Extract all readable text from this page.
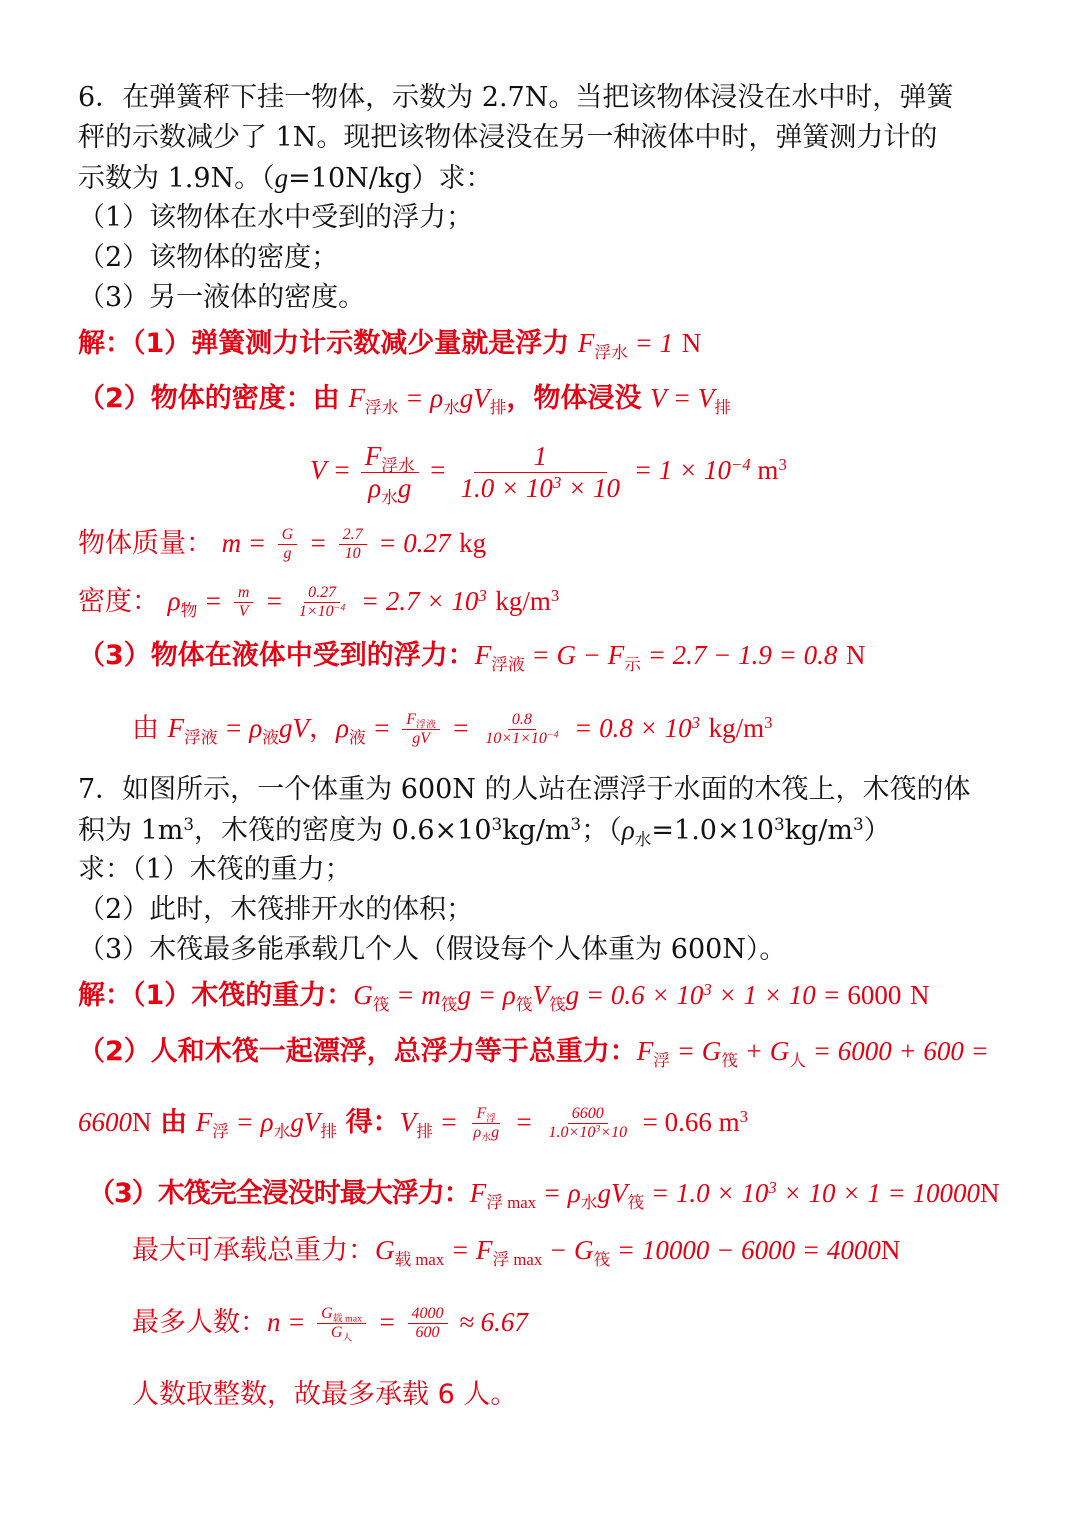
6．在弹簧秤下挂一物体，示数为 2.7N。当把该物体浸没在水中时，弹簧
秤的示数减少了 1N。现把该物体浸没在另一种液体中时，弹簧测力计的
示数为 1.9N。（g=10N/kg）求：
（1）该物体在水中受到的浮力；
（2）该物体的密度；
（3）另一液体的密度。
解：（1）弹簧测力计示数减少量就是浮力 $F_{浮水} = 1$ N
（2）物体的密度：由 $F_{浮水} = \rho_水gV_排$，物体浸没 $V = V_排$
$V = \frac{F_{浮水}}{\rho_水g} = \frac{1}{1.0 \times 10^3 \times 10} = 1 \times 10^{-4}$ $m^3$
物体质量： $m = \frac{G}{g} = \frac{2.7}{10} = 0.27$ kg
密度： $\rho_物 = \frac{m}{V} = \frac{0.27}{1\times 10^{-4}} = 2.7 \times 10^3$ $kg/m^3$
（3）物体在液体中受到的浮力：$F_{浮液} = G - F_示 = 2.7 - 1.9 = 0.8$ N
由 $F_{浮液} = \rho_液gV$，$\rho_液 = \frac{F_{浮液}}{gV} = \frac{0.8}{10\times 1\times 10^{-4}} = 0.8 \times 10^3$ $kg/m^3$
7．如图所示，一个体重为 600N 的人站在漂浮于水面的木筏上，木筏的体
积为 $1m^3$，木筏的密度为 $0.6\times 10^3kg/m^3$；$(\rho_水=1.0\times 10^3kg/m^3)$
求：（1）木筏的重力；
（2）此时，木筏排开水的体积；
（3）木筏最多能承载几个人（假设每个人体重为 600N）。
解：（1）木筏的重力：$G_筏 = m_筏g = \rho_筏V_筏g = 0.6 \times 10^3 \times 1 \times 10 = 6000$ N
（2）人和木筏一起漂浮，总浮力等于总重力：$F_浮 = G_筏 + G_人 = 6000 + 600$ =
6600N 由 $F_浮 = \rho_水gV_排$ 得：$V_排 = \frac{F_浮}{\rho_水g} = \frac{6600}{1.0\times 10^3\times 10} = 0.66$ $m^3$
（3）木筏完全浸没时最大浮力：$F_{浮 max} = \rho_水gV_筏 = 1.0 \times 10^3 \times 10 \times 1 = 10000N$
最大可承载总重力：$G_{载 max} = F_{浮 max} - G_筏 = 10000 - 6000 = 4000N$
最多人数：$n = \frac{G_{载 max}}{G_人} = \frac{4000}{600} \approx 6.67$
人数取整数，故最多承载 6 人。
